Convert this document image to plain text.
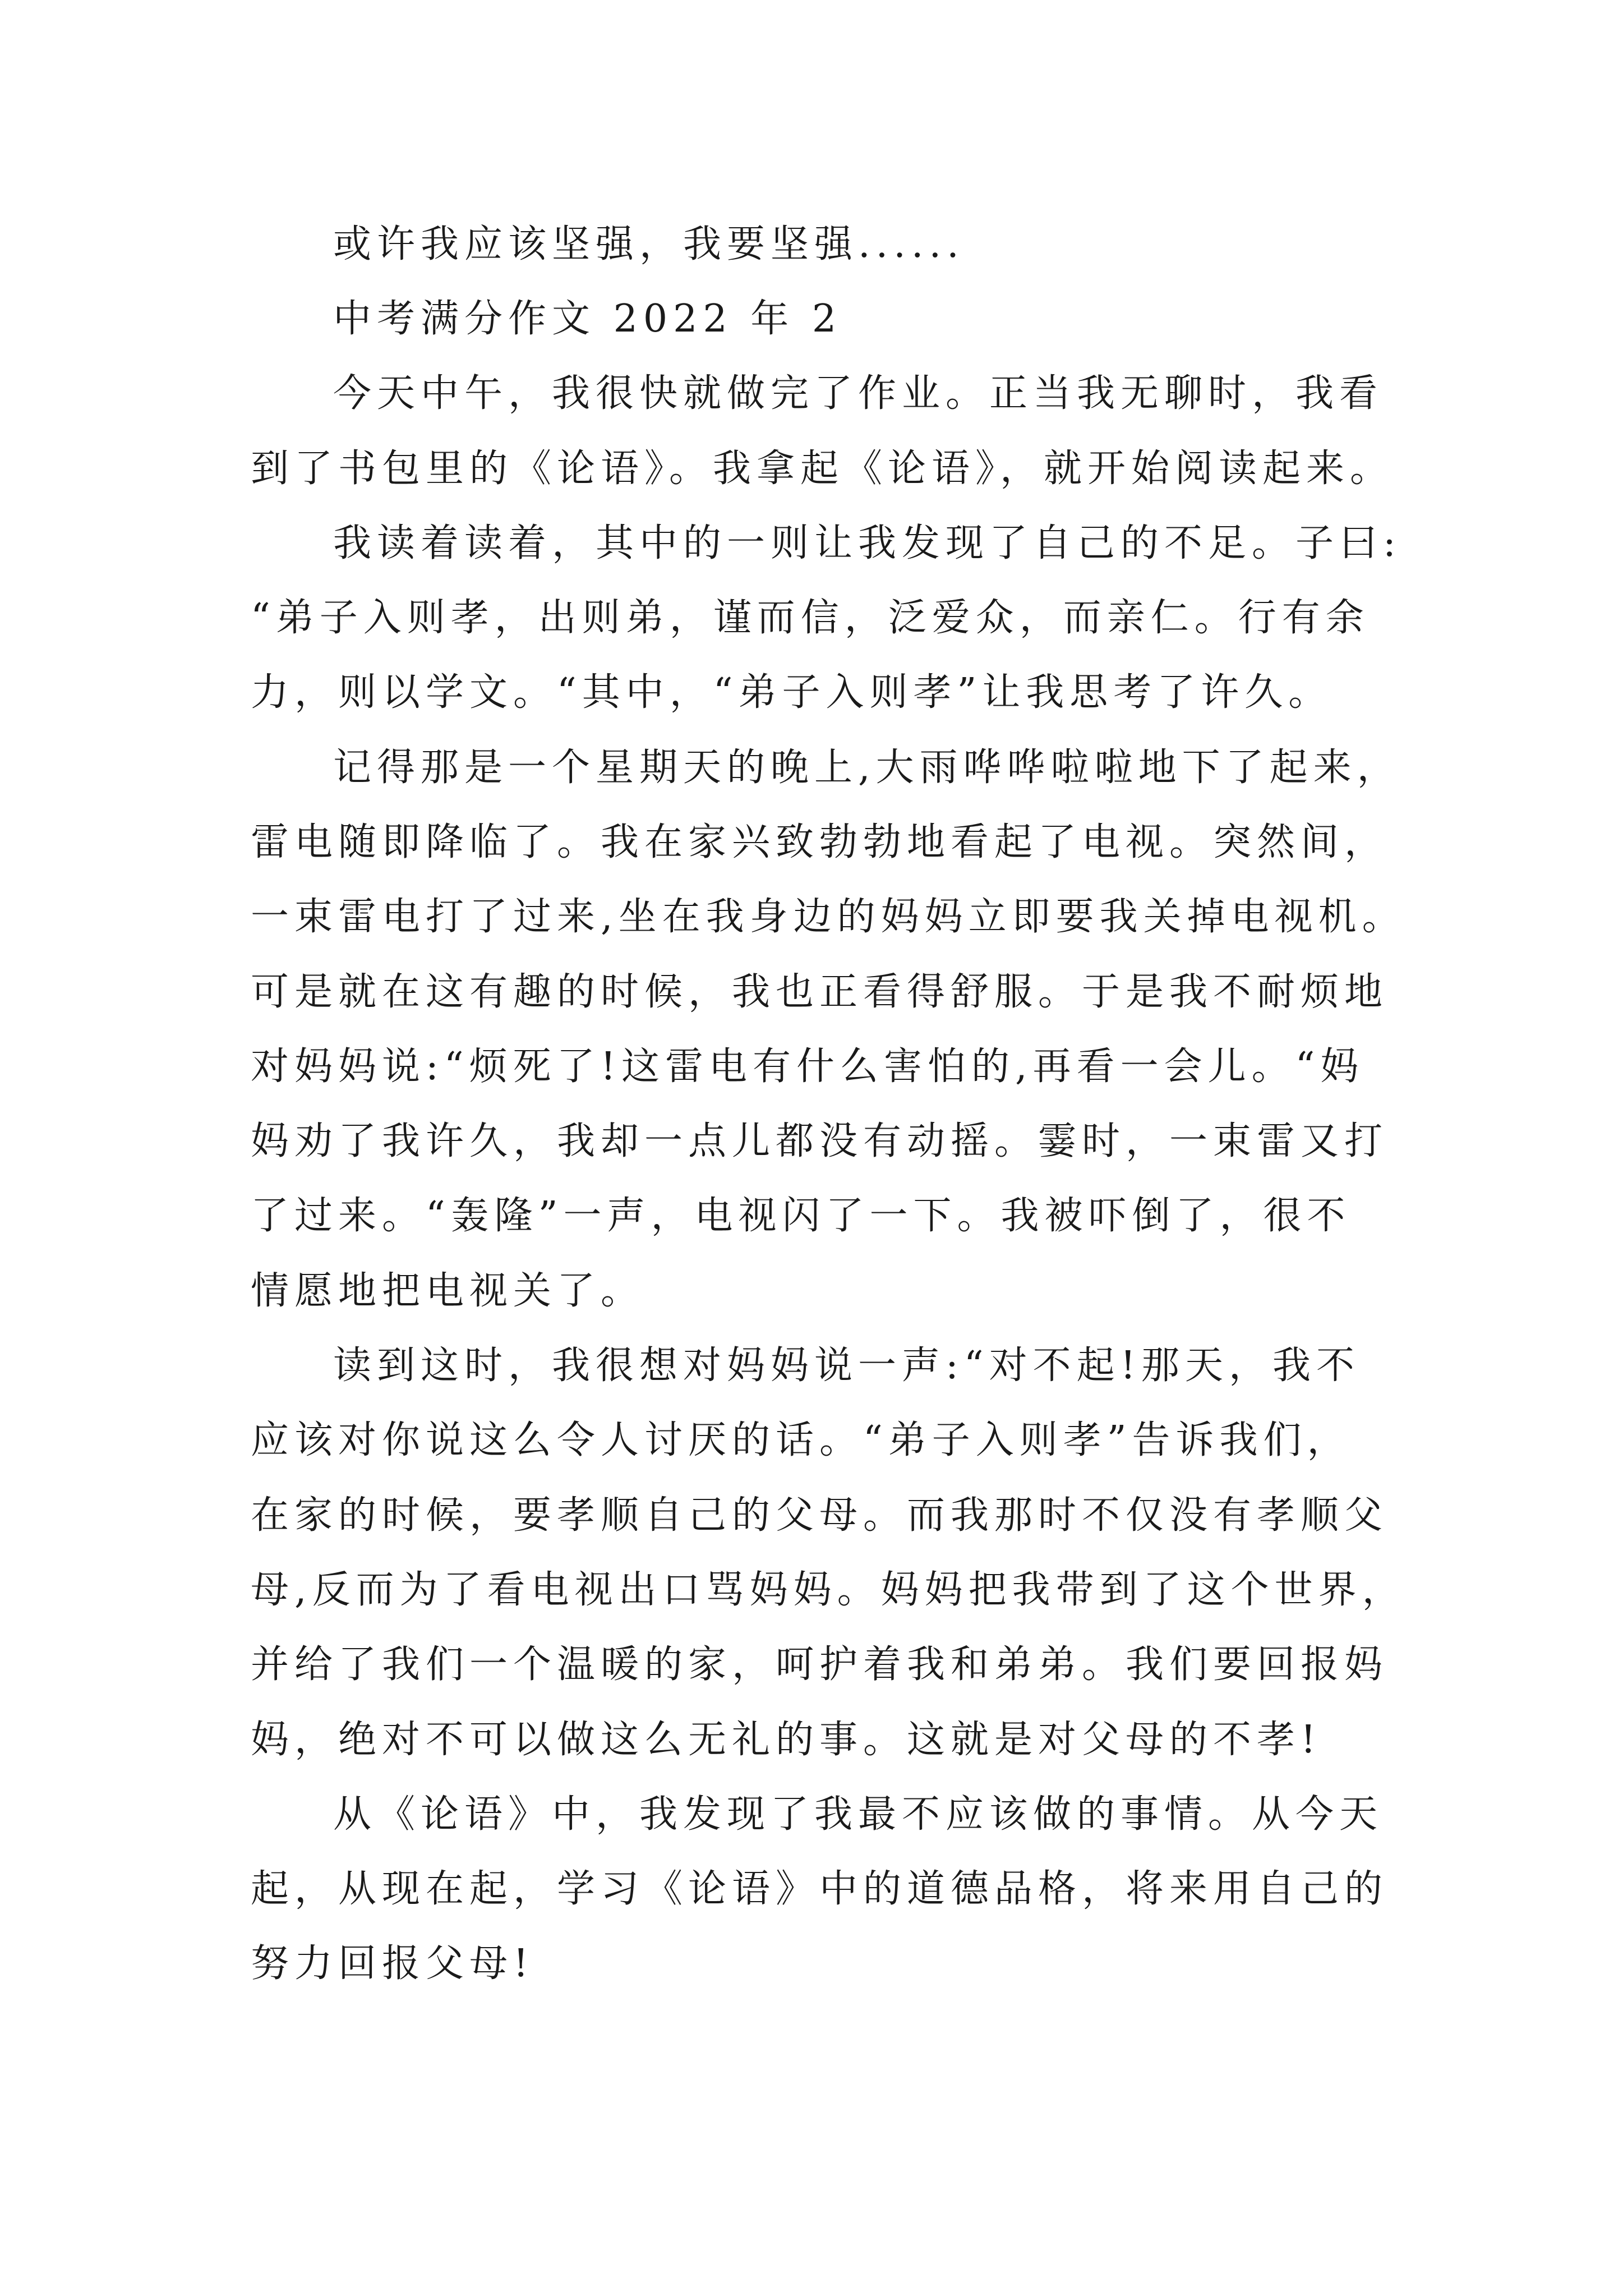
或许我应该坚强，我要坚强......
中考满分作文 2022 年 2
今天中午，我很快就做完了作业。正当我无聊时，我看
到了书包里的《论语》。我拿起《论语》，就开始阅读起来。
我读着读着，其中的一则让我发现了自己的不足。子曰:
“弟子入则孝，出则弟，谨而信，泛爱众，而亲仁。行有余
力，则以学文。“其中，“弟子入则孝”让我思考了许久。
记得那是一个星期天的晚上,大雨哗哗啦啦地下了起来，
雷电随即降临了。我在家兴致勃勃地看起了电视。突然间，
一束雷电打了过来,坐在我身边的妈妈立即要我关掉电视机。
可是就在这有趣的时候，我也正看得舒服。于是我不耐烦地
对妈妈说:“烦死了!这雷电有什么害怕的,再看一会儿。“妈
妈劝了我许久，我却一点儿都没有动摇。霎时，一束雷又打
了过来。“轰隆”一声，电视闪了一下。我被吓倒了，很不
情愿地把电视关了。
读到这时，我很想对妈妈说一声:“对不起!那天，我不
应该对你说这么令人讨厌的话。“弟子入则孝”告诉我们，
在家的时候，要孝顺自己的父母。而我那时不仅没有孝顺父
母,反而为了看电视出口骂妈妈。妈妈把我带到了这个世界，
并给了我们一个温暖的家，呵护着我和弟弟。我们要回报妈
妈，绝对不可以做这么无礼的事。这就是对父母的不孝!
从《论语》中，我发现了我最不应该做的事情。从今天
起，从现在起，学习《论语》中的道德品格，将来用自己的
努力回报父母!
